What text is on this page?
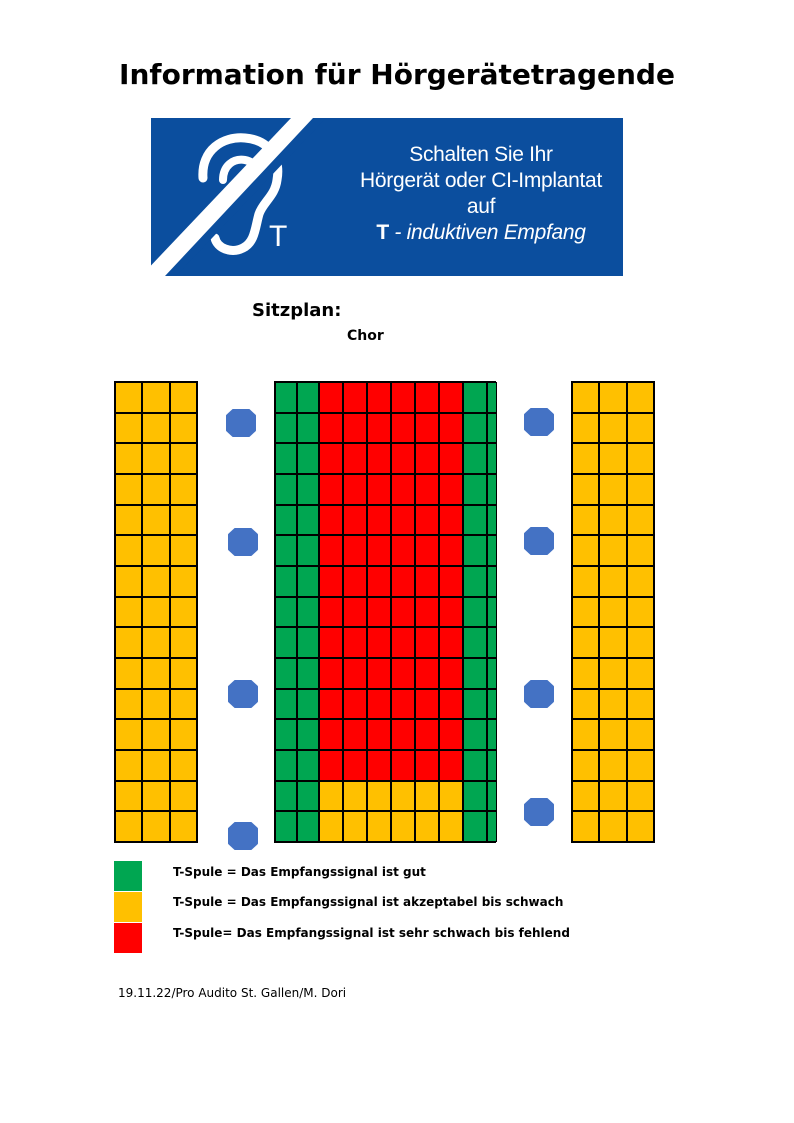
Information für Hörgerätetragende
T
Schalten Sie Ihr
Hörgerät oder CI-Implantat
auf
T - induktiven Empfang
Sitzplan:
Chor
T-Spule = Das Empfangssignal ist gut
T-Spule = Das Empfangssignal ist akzeptabel bis schwach
T-Spule= Das Empfangssignal ist sehr schwach bis fehlend
19.11.22/Pro Audito St. Gallen/M. Dori
